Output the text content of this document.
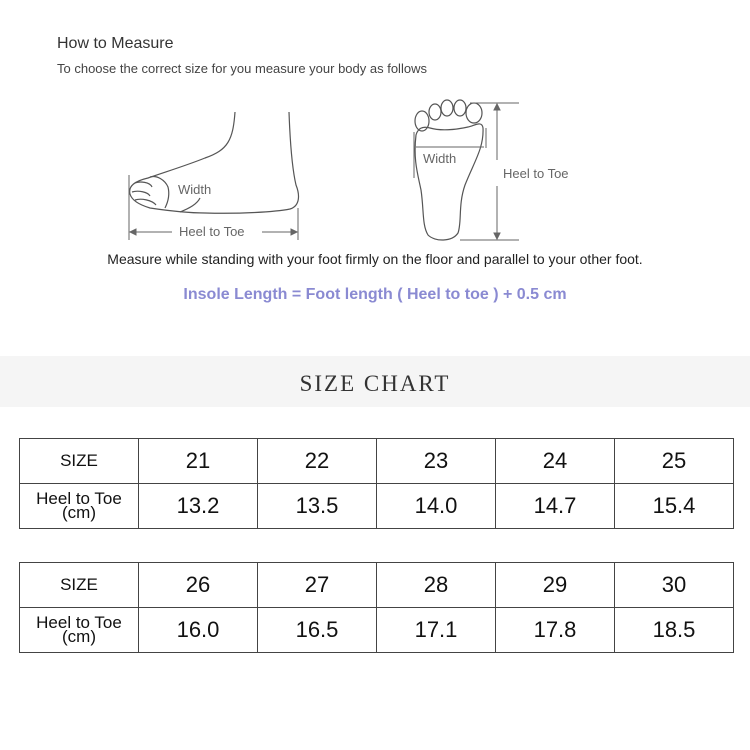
How to Measure
To choose the correct size for you measure your body as follows
Width
Heel to Toe
Width
Heel to Toe
Measure while standing with your foot firmly on the floor and parallel to your other foot.
Insole Length = Foot length ( Heel to toe ) + 0.5 cm
SIZE CHART
SIZE	21	22	23	24	25

Heel to Toe
(cm)	13.2	13.5	14.0	14.7	15.4
SIZE	26	27	28	29	30

Heel to Toe
(cm)	16.0	16.5	17.1	17.8	18.5
